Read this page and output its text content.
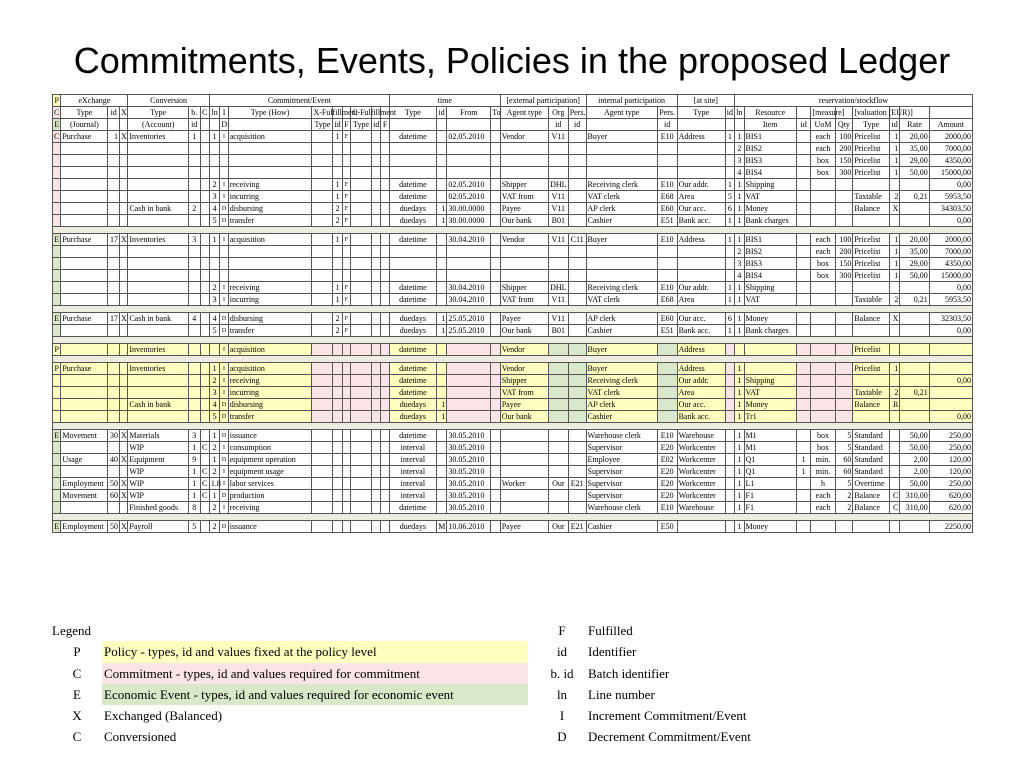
Commitments, Events, Policies in the proposed Ledger
P	eXchange			Conversion			Commitment/Event									time				[external participation]			internal participation		[at site]		reservation/stockflow								
C	Type	id	X	Type	b.	C	ln	I	Type (How)	X-Fulfillment			C-Fulfillment			Type	id	From	To	Agent type	Org	Pers.	Agent type	Pers.	Type	id	ln	Resource		[measure]		[valuation (EUR)]			
E	(Journal)			(Account)	id			D		Type	id	F	Type	id	F						id	id		id				Item	id	UoM	Qty	Type	id	Rate	Amount
C	Purchase	1	X	Inventories	1		1	I	acquisition		1	F				datetime		02.05.2010		Vendor	V11		Buyer	E10	Address	1	1	BIS1		each	100	Pricelist	1	20,00	2000,00
																											2	BIS2		each	200	Pricelist	1	35,00	7000,00
																											3	BIS3		box	150	Pricelist	1	29,00	4350,00
																											4	BIS4		box	300	Pricelist	1	50,00	15000,00
							2	I	receiving		1	F				datetime		02.05.2010		Shipper	DHL		Receiving clerk	E10	Our addr.	1	1	Shipping							0,00
							3	I	incurring		1	F				datetime		02.05.2010		VAT from	V11		VAT clerk	E68	Area	5	1	VAT				Taxtable	2	0,21	5953,50
				Cash in bank	2		4	D	disbursing		2	F				duedays	1	30.00.0000		Payee	V11		AP clerk	E60	Our acc.	6	1	Money				Balance	X		34303,50
							5	D	transfer		2	F				duedays	1	30.00.0000		Our bank	B01		Cashier	E51	Bank acc.	1	1	Bank charges							0,00

E	Purchase	17	X	Inventories	3		1	I	acquisition		1	F				datetime		30.04.2010		Vendor	V11	C11	Buyer	E10	Address	1	1	BIS1		each	100	Pricelist	1	20,00	2000,00
																											2	BIS2		each	200	Pricelist	1	35,00	7000,00
																											3	BIS3		box	150	Pricelist	1	29,00	4350,00
																											4	BIS4		box	300	Pricelist	1	50,00	15000,00
							2	I	receiving		1	F				datetime		30.04.2010		Shipper	DHL		Receiving clerk	E10	Our addr.	1	1	Shipping							0,00
							3	I	incurring		1	F				datetime		30.04.2010		VAT from	V11		VAT clerk	E68	Area	1	1	VAT				Taxtable	2	0,21	5953,50

E	Purchase	17	X	Cash in bank	4		4	D	disbursing		2	F				duedays	1	25.05.2010		Payee	V11		AP clerk	E60	Our acc.	6	1	Money				Balance	X		32303,50
							5	D	transfer		2	F				duedays	1	25.05.2010		Our bank	B01		Cashier	E51	Bank acc.	1	1	Bank charges							0,00

P				Inventories				I	acquisition							datetime				Vendor			Buyer		Address							Pricelist			

P	Purchase			Inventories			1	I	acquisition							datetime				Vendor			Buyer		Address		1					Pricelist	1		
							2	I	receiving							datetime				Shipper			Receiving clerk		Our addr.		1	Shipping							0,00
							3	I	incurring							datetime				VAT from			VAT clerk		Area		1	VAT				Taxtable	2	0,21	
				Cash in bank			4	D	disbursing							duedays	1			Payee			AP clerk		Our acc.		1	Money				Balance	R		
							5	D	transfer							duedays	1			Our bank			Cashier		Bank acc.		1	Tr1							0,00

E	Movement	30	X	Materials	3		1	D	issuance							datetime		30.05.2010					Warehouse clerk	E10	Warehouse		1	M1		box	5	Standard		50,00	250,00
				WIP	1	C	2	I	consumption							interval		30.05.2010					Supervisor	E20	Workcenter		1	M1		box	5	Standard		50,00	250,00
	Usage	40	X	Equipment	9		1	D	equipment operation							interval		30.05.2010					Employee	E02	Workcenter		1	Q1	1	min.	60	Standard		2,00	120,00
				WIP	1	C	2	I	equipment usage							interval		30.05.2010					Supervisor	E20	Workcenter		1	Q1	1	min.	60	Standard		2,00	120,00
	Employment	50	X	WIP	1	C	1.8	I	labor services							interval		30.05.2010		Worker	Our	E21	Supervisor	E20	Workcenter		1	L1		h	5	Overtime		50,00	250,00
	Movement	60	X	WIP	1	C	1	D	production							interval		30.05.2010					Supervisor	E20	Workcenter		1	F1		each	2	Balance	C	310,00	620,00
				Finished goods	8		2	I	receiving							datetime		30.05.2010					Warehouse clerk	E10	Warehouse		1	F1		each	2	Balance	C	310,00	620,00

E	Employment	50	X	Payroll	5		2	D	issuance							duedays	M	10.06.2010		Payee	Our	E21	Cashier	E50			1	Money							2250,00
Legend
P	Policy - types, id and values fixed at the policy level
C	Commitment - types, id and values required for commitment
E	Economic Event - types, id and values required for economic event
X	Exchanged (Balanced)
C	Conversioned
F	Fulfilled
id	Identifier
b. id	Batch identifier
ln	Line number
I	Increment Commitment/Event
D	Decrement Commitment/Event
